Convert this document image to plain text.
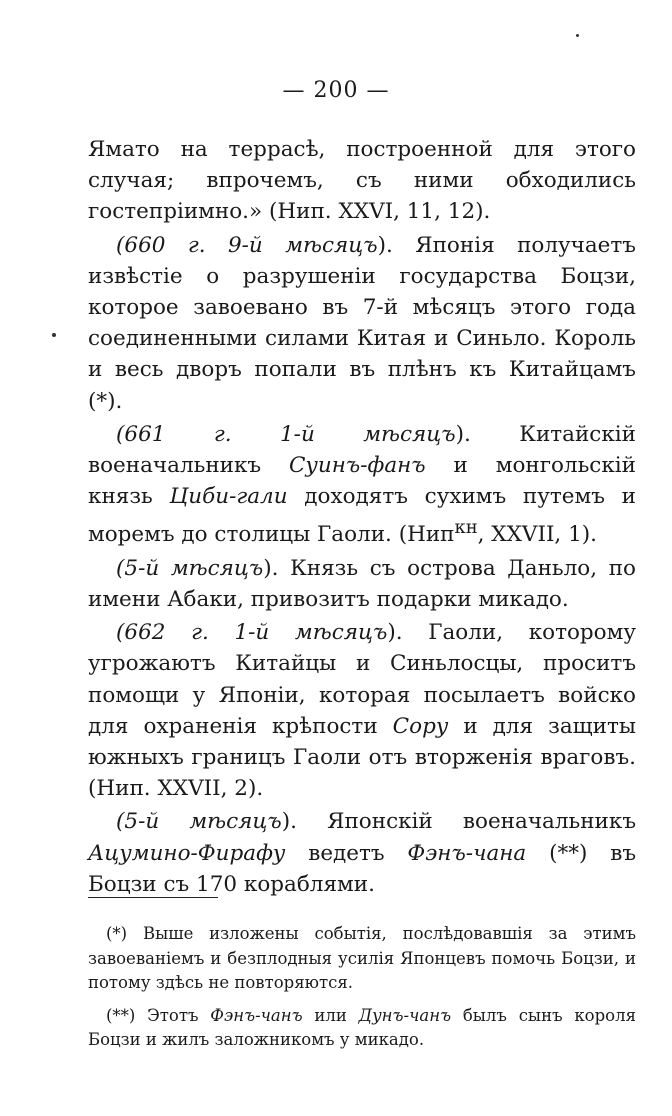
— 200 —

Ямато на террасѣ, построенной для этого случая; впрочемъ, съ ними обходились гостепріимно.» (Нип. XXVI, 11, 12).

(660 г. 9-й мѣсяцъ). Японія получаетъ извѣстіе о разрушеніи государства Боцзи, которое завоевано въ 7-й мѣсяцъ этого года соединенными силами Китая и Синьло. Король и весь дворъ попали въ плѣнъ къ Китайцамъ (*).

(661 г. 1-й мѣсяцъ). Китайскій военачальникъ Суинъ-фанъ и монгольскій князь Циби-гали доходятъ сухимъ путемъ и моремъ до столицы Гаоли. (Нип$^{кн}$, XXVII, 1).

(5-й мѣсяцъ). Князь съ острова Даньло, по имени Абаки, привозитъ подарки микадо.

(662 г. 1-й мѣсяцъ). Гаоли, которому угрожаютъ Китайцы и Синьлосцы, проситъ помощи у Японіи, которая посылаетъ войско для охраненія крѣпости Сору и для защиты южныхъ границъ Гаоли отъ вторженія враговъ. (Нип. XXVII, 2).

(5-й мѣсяцъ). Японскій военачальникъ Ацумино-Фирафу ведетъ Фэнъ-чана (**) въ Боцзи съ 170 кораблями.

(*) Выше изложены событія, послѣдовавшія за этимъ завоеваніемъ и безплодныя усилія Японцевъ помочь Боцзи, и потому здѣсь не повторяются.

(**) Этотъ Фэнъ-чанъ или Дунъ-чанъ былъ сынъ короля Боцзи и жилъ заложникомъ у микадо.
